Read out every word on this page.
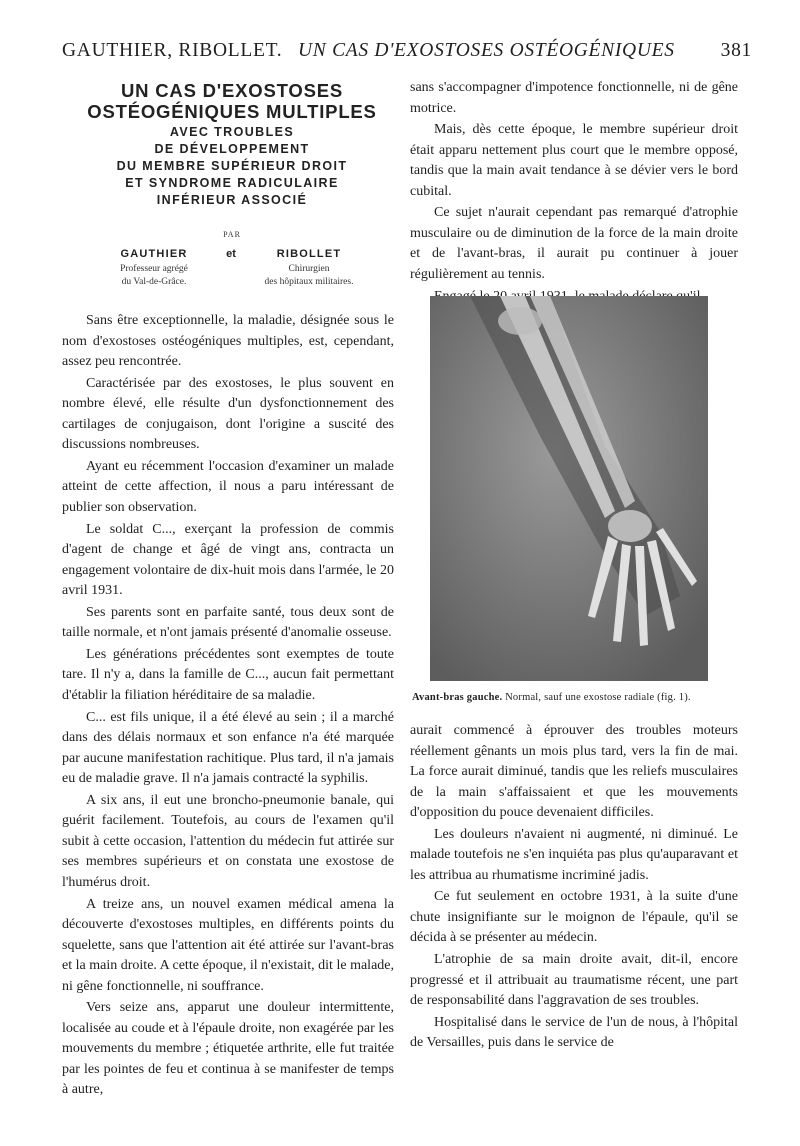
GAUTHIER, RIBOLLET. UN CAS D'EXOSTOSES OSTÉOGÉNIQUES 381
UN CAS D'EXOSTOSES
OSTÉOGÉNIQUES MULTIPLES
AVEC TROUBLES
DE DÉVELOPPEMENT
DU MEMBRE SUPÉRIEUR DROIT
ET SYNDROME RADICULAIRE
INFÉRIEUR ASSOCIÉ
PAR
GAUTHIER
Professeur agrégé
du Val-de-Grâce.
et	RIBOLLET
Chirurgien
des hôpitaux militaires.

Sans être exceptionnelle, la maladie, désignée sous le nom d'exostoses ostéogéniques multiples, est, cependant, assez peu rencontrée.

Caractérisée par des exostoses, le plus souvent en nombre élevé, elle résulte d'un dysfonctionnement des cartilages de conjugaison, dont l'origine a suscité des discussions nombreuses.

Ayant eu récemment l'occasion d'examiner un malade atteint de cette affection, il nous a paru intéressant de publier son observation.

Le soldat C..., exerçant la profession de commis d'agent de change et âgé de vingt ans, contracta un engagement volontaire de dix-huit mois dans l'armée, le 20 avril 1931.

Ses parents sont en parfaite santé, tous deux sont de taille normale, et n'ont jamais présenté d'anomalie osseuse.

Les générations précédentes sont exemptes de toute tare. Il n'y a, dans la famille de C..., aucun fait permettant d'établir la filiation héréditaire de sa maladie.

C... est fils unique, il a été élevé au sein ; il a marché dans des délais normaux et son enfance n'a été marquée par aucune manifestation rachitique. Plus tard, il n'a jamais eu de maladie grave. Il n'a jamais contracté la syphilis.

A six ans, il eut une broncho-pneumonie banale, qui guérit facilement. Toutefois, au cours de l'examen qu'il subit à cette occasion, l'attention du médecin fut attirée sur ses membres supérieurs et on constata une exostose de l'humérus droit.

A treize ans, un nouvel examen médical amena la découverte d'exostoses multiples, en différents points du squelette, sans que l'attention ait été attirée sur l'avant-bras et la main droite. A cette époque, il n'existait, dit le malade, ni gêne fonctionnelle, ni souffrance.

Vers seize ans, apparut une douleur intermittente, localisée au coude et à l'épaule droite, non exagérée par les mouvements du membre ; étiquetée arthrite, elle fut traitée par les pointes de feu et continua à se manifester de temps à autre,

sans s'accompagner d'impotence fonctionnelle, ni de gêne motrice.

Mais, dès cette époque, le membre supérieur droit était apparu nettement plus court que le membre opposé, tandis que la main avait tendance à se dévier vers le bord cubital.

Ce sujet n'aurait cependant pas remarqué d'atrophie musculaire ou de diminution de la force de la main droite et de l'avant-bras, il aurait pu continuer à jouer régulièrement au tennis.

Avant-bras gauche. Normal, sauf une exostose radiale (fig. 1).

aurait commencé à éprouver des troubles moteurs réellement gênants un mois plus tard, vers la fin de mai. La force aurait diminué, tandis que les reliefs musculaires de la main s'affaissaient et que les mouvements d'opposition du pouce devenaient difficiles.

Les douleurs n'avaient ni augmenté, ni diminué. Le malade toutefois ne s'en inquiéta pas plus qu'auparavant et les attribua au rhumatisme incriminé jadis.

Ce fut seulement en octobre 1931, à la suite d'une chute insignifiante sur le moignon de l'épaule, qu'il se décida à se présenter au médecin.

L'atrophie de sa main droite avait, dit-il, encore progressé et il attribuait au traumatisme récent, une part de responsabilité dans l'aggravation de ses troubles.

Hospitalisé dans le service de l'un de nous, à l'hôpital de Versailles, puis dans le service de
